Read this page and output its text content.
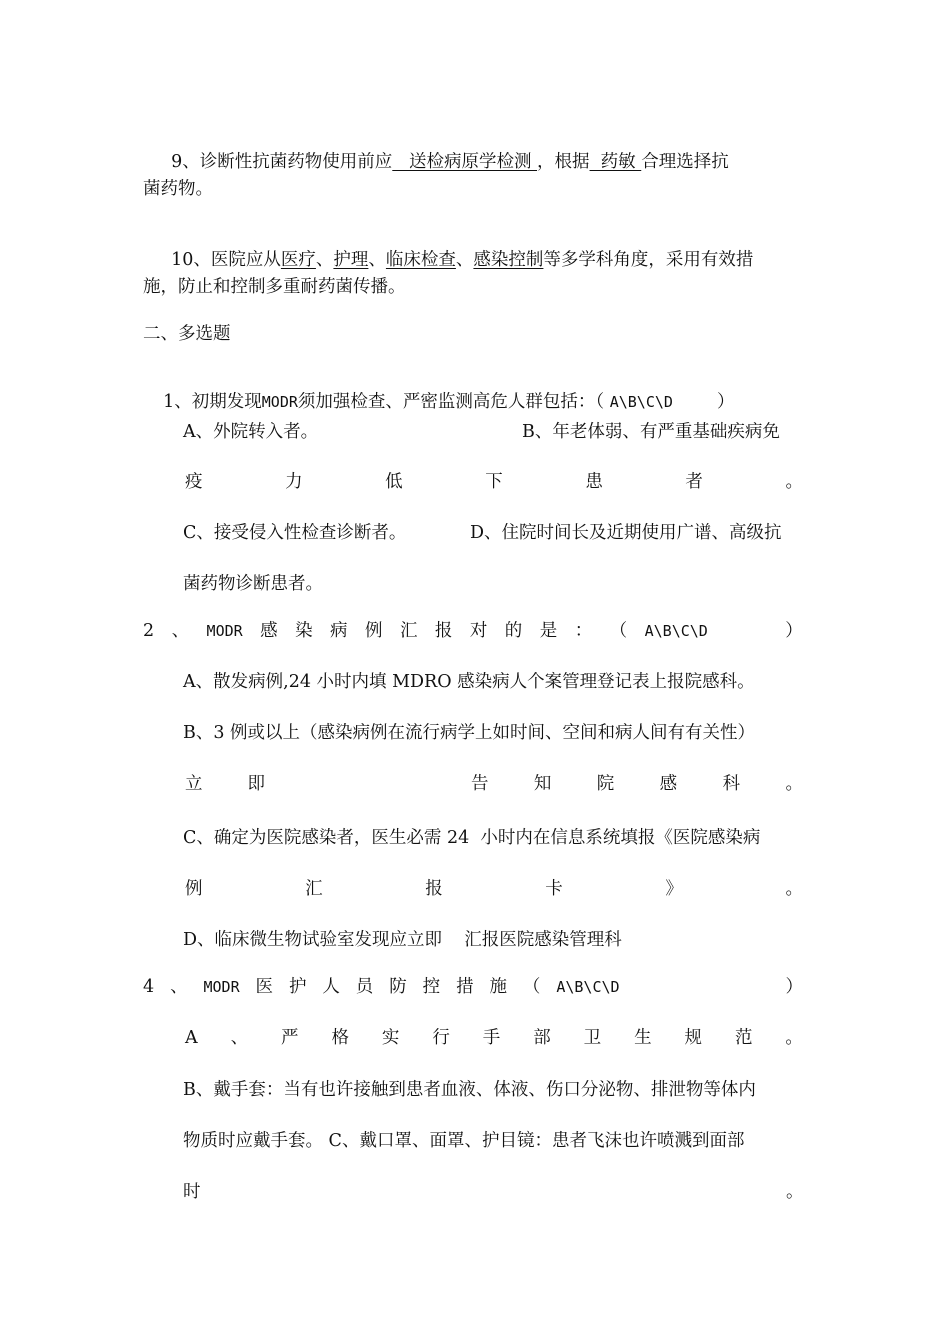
9、诊断性抗菌药物使用前应   送检病原学检测 ，根据  药敏 合理选择抗

菌药物。

10、医院应从医疗、护理、临床检查、感染控制等多学科角度，采用有效措

施，防止和控制多重耐药菌传播。
二、多选题

1、初期发现MODR须加强检查、严密监测高危人群包括：（ A\B\C\D	）

A、外院转入者。	B、年老体弱、有严重基础疾病免
疫	力	低	下	患	者	。
C、接受侵入性检查诊断者。	D、住院时间长及近期使用广谱、高级抗
菌药物诊断患者。
2 、 MODR 感 染 病 例 汇 报 对 的 是 ： （ A\B\C\D	）
A、散发病例,24 小时内填 MDRO 感染病人个案管理登记表上报院感科。
B、3 例或以上（感染病例在流行病学上如时间、空间和病人间有有关性）
立	即	告	知	院	感	科	。
C、确定为医院感染者，医生必需 24  小时内在信息系统填报《医院感染病
例	汇	报	卡	》	。
D、临床微生物试验室发现应立即    汇报医院感染管理科
4 、 MODR 医 护 人 员 防 控 措 施 （ A\B\C\D	）
A 、 严 格 实 行 手 部 卫 生 规 范 。
B、戴手套：当有也许接触到患者血液、体液、伤口分泌物、排泄物等体内
物质时应戴手套。 C、戴口罩、面罩、护目镜：患者飞沫也许喷溅到面部
时	。
